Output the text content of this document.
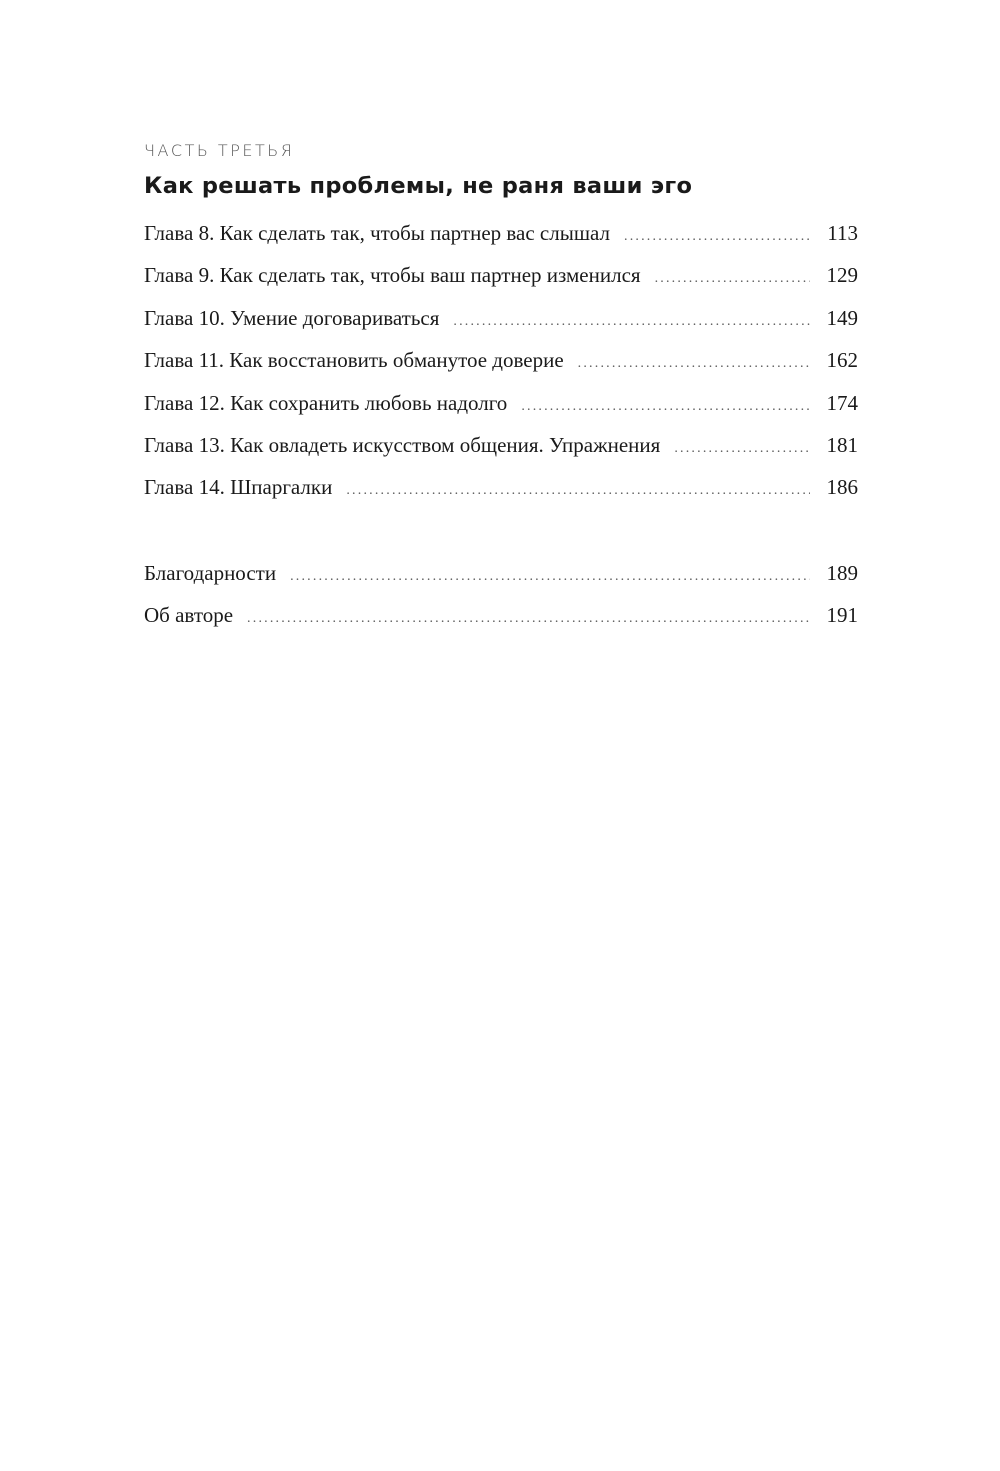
ЧАСТЬ ТРЕТЬЯ

Как решать проблемы, не раня ваши эго
Глава 8. Как сделать так, чтобы партнер вас слышал .....	113
Глава 9. Как сделать так, чтобы ваш партнер изменился .....	129
Глава 10. Умение договариваться .....	149
Глава 11. Как восстановить обманутое доверие .....	162
Глава 12. Как сохранить любовь надолго .....	174
Глава 13. Как овладеть искусством общения. Упражнения .....	181
Глава 14. Шпаргалки .....	186
Благодарности .....	189
Об авторе .....	191
